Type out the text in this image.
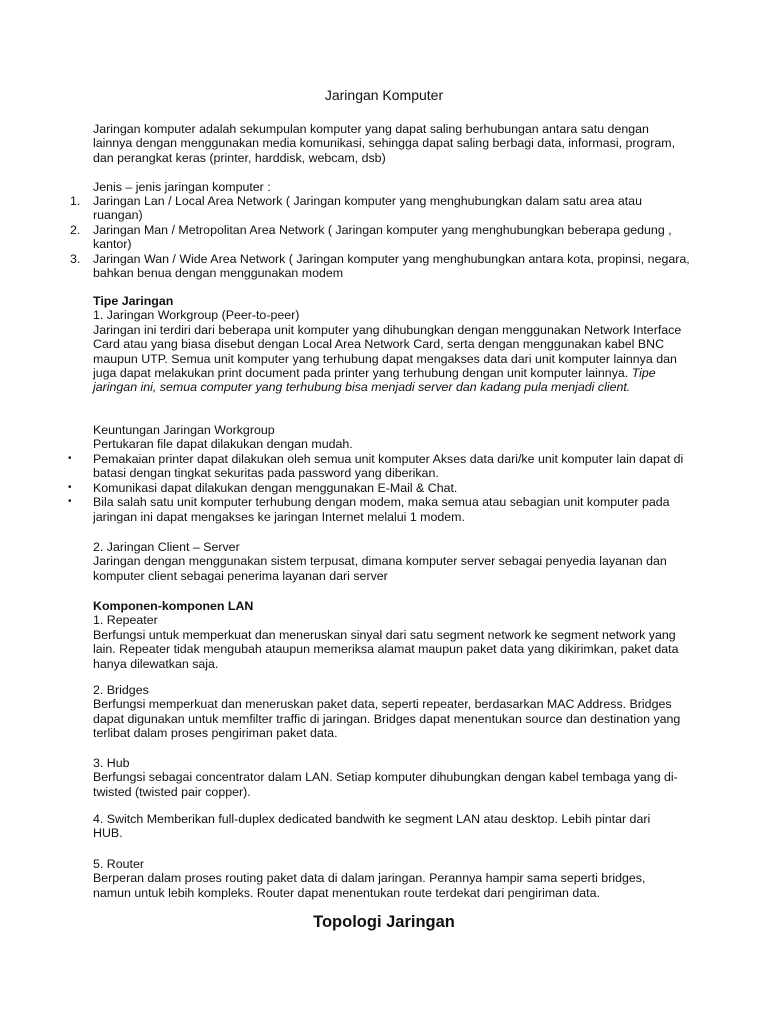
Jaringan Komputer

Jaringan komputer adalah sekumpulan komputer yang dapat saling berhubungan antara satu dengan lainnya dengan menggunakan media komunikasi, sehingga dapat saling berbagi data, informasi, program, dan perangkat keras (printer, harddisk, webcam, dsb)

Jenis – jenis jaringan komputer :
1. Jaringan Lan / Local Area Network ( Jaringan komputer yang menghubungkan dalam satu area atau ruangan)
2. Jaringan Man / Metropolitan Area Network ( Jaringan komputer yang menghubungkan beberapa gedung , kantor)
3. Jaringan Wan / Wide Area Network ( Jaringan komputer yang menghubungkan antara kota, propinsi, negara, bahkan benua dengan menggunakan modem

Tipe Jaringan

1. Jaringan Workgroup (Peer-to-peer)

Jaringan ini terdiri dari beberapa unit komputer yang dihubungkan dengan menggunakan Network Interface Card atau yang biasa disebut dengan Local Area Network Card, serta dengan menggunakan kabel BNC maupun UTP. Semua unit komputer yang terhubung dapat mengakses data dari unit komputer lainnya dan juga dapat melakukan print document pada printer yang terhubung dengan unit komputer lainnya. Tipe jaringan ini, semua computer yang terhubung bisa menjadi server dan kadang pula menjadi client.

Keuntungan Jaringan Workgroup

Pertukaran file dapat dilakukan dengan mudah.

• Pemakaian printer dapat dilakukan oleh semua unit komputer Akses data dari/ke unit komputer lain dapat di batasi dengan tingkat sekuritas pada password yang diberikan.
• Komunikasi dapat dilakukan dengan menggunakan E-Mail & Chat.
• Bila salah satu unit komputer terhubung dengan modem, maka semua atau sebagian unit komputer pada jaringan ini dapat mengakses ke jaringan Internet melalui 1 modem.

2. Jaringan Client – Server

Jaringan dengan menggunakan sistem terpusat, dimana komputer server sebagai penyedia layanan dan komputer client sebagai penerima layanan dari server

Komponen-komponen LAN

1. Repeater

Berfungsi untuk memperkuat dan meneruskan sinyal dari satu segment network ke segment network yang lain. Repeater tidak mengubah ataupun memeriksa alamat maupun paket data yang dikirimkan, paket data hanya dilewatkan saja.

2. Bridges

Berfungsi memperkuat dan meneruskan paket data, seperti repeater, berdasarkan MAC Address. Bridges dapat digunakan untuk memfilter traffic di jaringan. Bridges dapat menentukan source dan destination yang terlibat dalam proses pengiriman paket data.

3. Hub

Berfungsi sebagai concentrator dalam LAN. Setiap komputer dihubungkan dengan kabel tembaga yang di-twisted (twisted pair copper).

4. Switch Memberikan full-duplex dedicated bandwith ke segment LAN atau desktop. Lebih pintar dari HUB.

5. Router

Berperan dalam proses routing paket data di dalam jaringan. Perannya hampir sama seperti bridges, namun untuk lebih kompleks. Router dapat menentukan route terdekat dari pengiriman data.

Topologi Jaringan
